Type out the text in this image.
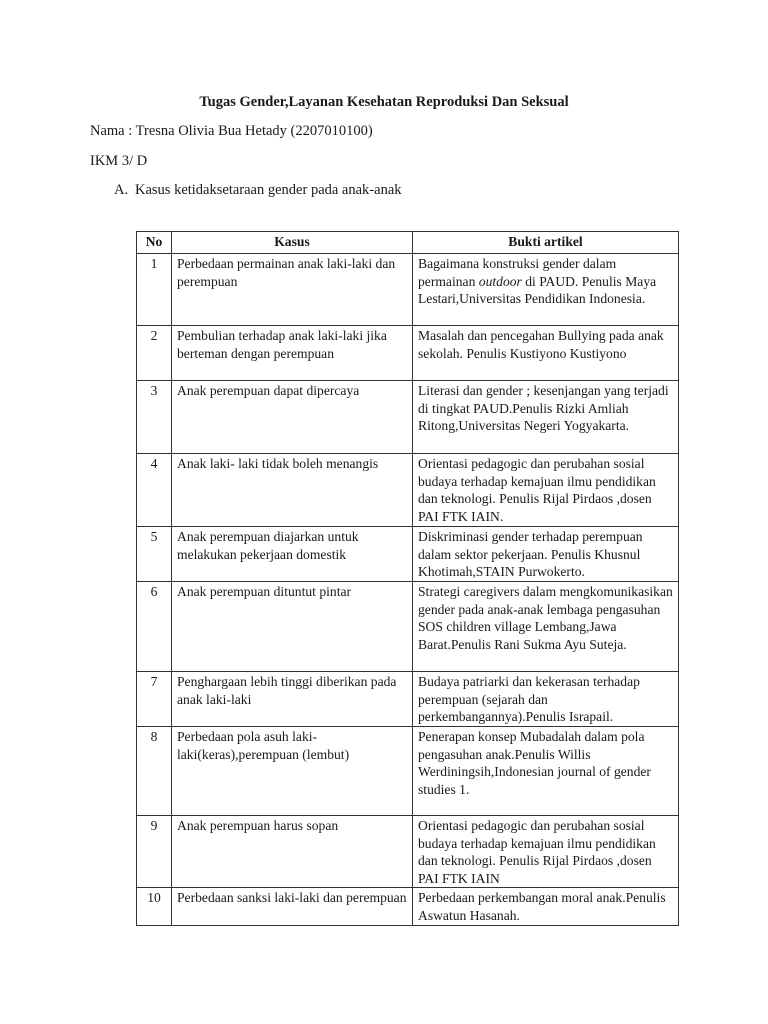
Tugas Gender,Layanan Kesehatan Reproduksi Dan Seksual
Nama : Tresna Olivia Bua Hetady (2207010100)
IKM 3/ D
A. Kasus ketidaksetaraan gender pada anak-anak
No	Kasus	Bukti artikel
1	Perbedaan permainan anak laki-laki dan perempuan	Bagaimana konstruksi gender dalam permainan outdoor di PAUD. Penulis Maya Lestari,Universitas Pendidikan Indonesia.
2	Pembulian terhadap anak laki-laki jika berteman dengan perempuan	Masalah dan pencegahan Bullying pada anak sekolah. Penulis Kustiyono Kustiyono
3	Anak perempuan dapat dipercaya	Literasi dan gender ; kesenjangan yang terjadi di tingkat PAUD.Penulis Rizki Amliah Ritong,Universitas Negeri Yogyakarta.
4	Anak laki- laki tidak boleh menangis	Orientasi pedagogic dan perubahan sosial budaya terhadap kemajuan ilmu pendidikan dan teknologi. Penulis Rijal Pirdaos ,dosen PAI FTK IAIN.
5	Anak perempuan diajarkan untuk melakukan pekerjaan domestik	Diskriminasi gender terhadap perempuan dalam sektor pekerjaan. Penulis Khusnul Khotimah,STAIN Purwokerto.
6	Anak perempuan dituntut pintar	Strategi caregivers dalam mengkomunikasikan gender pada anak-anak lembaga pengasuhan SOS children village Lembang,Jawa Barat.Penulis Rani Sukma Ayu Suteja.
7	Penghargaan lebih tinggi diberikan pada anak laki-laki	Budaya patriarki dan kekerasan terhadap perempuan (sejarah dan perkembangannya).Penulis Israpail.
8	Perbedaan pola asuh laki-laki(keras),perempuan (lembut)	Penerapan konsep Mubadalah dalam pola pengasuhan anak.Penulis Willis Werdiningsih,Indonesian journal of gender studies 1.
9	Anak perempuan harus sopan	Orientasi pedagogic dan perubahan sosial budaya terhadap kemajuan ilmu pendidikan dan teknologi. Penulis Rijal Pirdaos ,dosen PAI FTK IAIN
10	Perbedaan sanksi laki-laki dan perempuan	Perbedaan perkembangan moral anak.Penulis Aswatun Hasanah.
